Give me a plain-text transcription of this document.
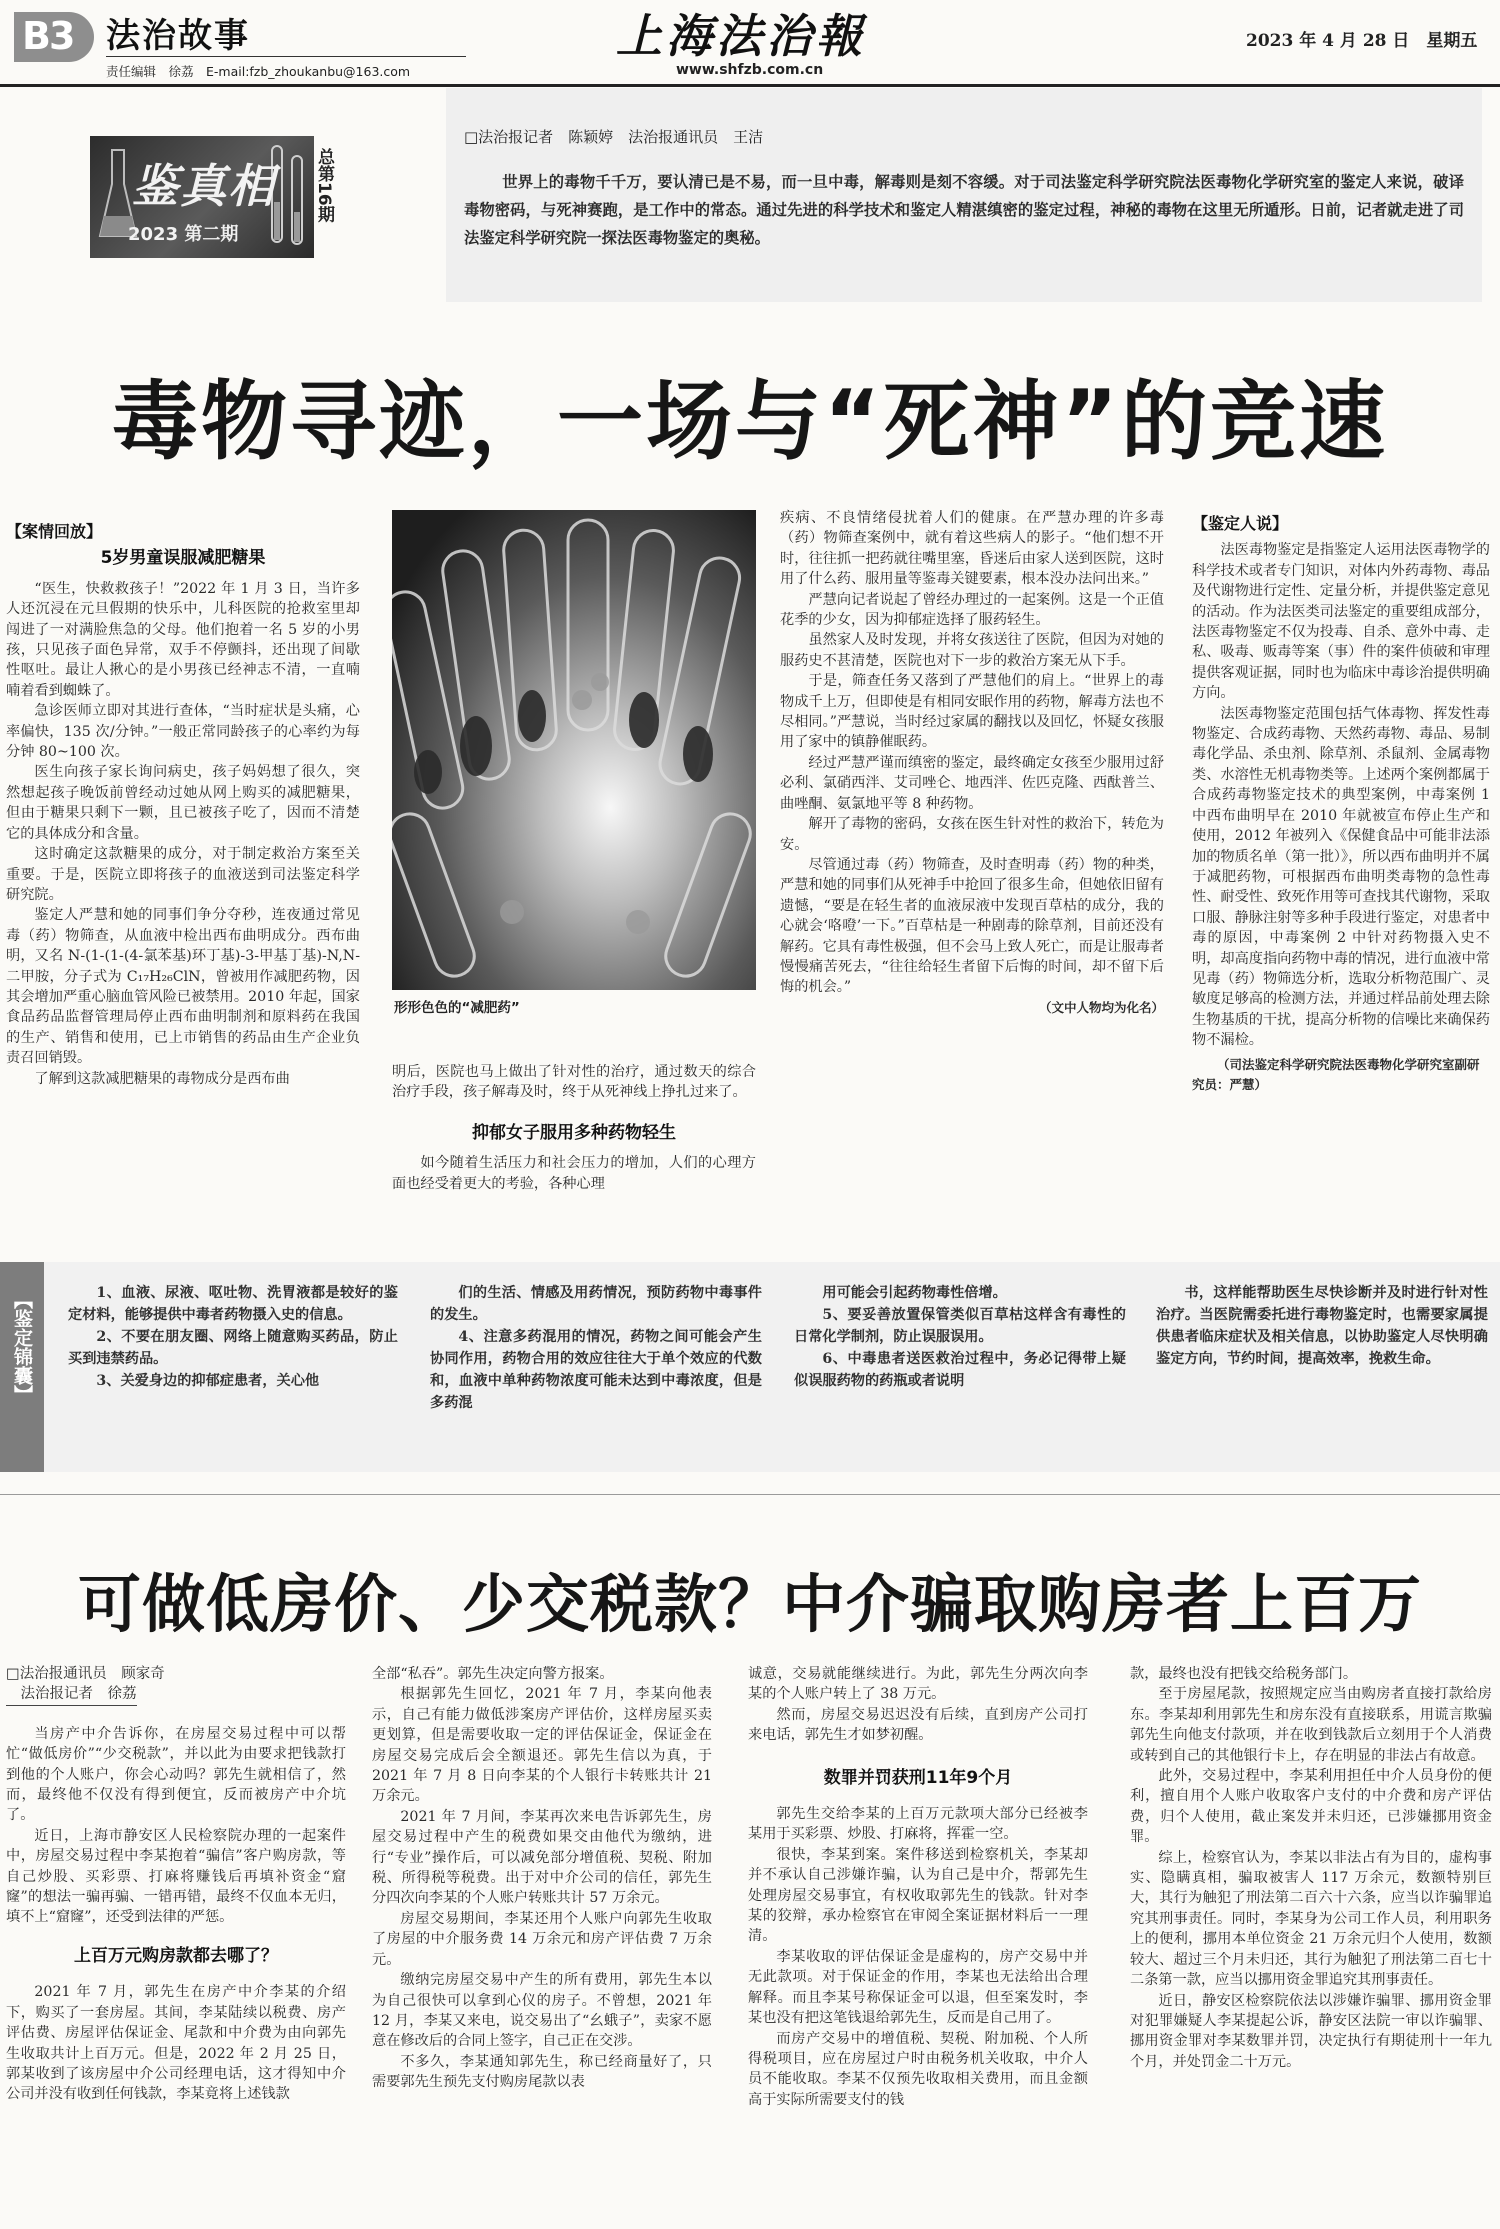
B3 法治故事
责任编辑　徐荔　E-mail:fzb_zhoukanbu@163.com
上海法治報
www.shfzb.com.cn
2023 年 4 月 28 日　星期五
鉴真相
2023 第二期
总第16期
□法治报记者　陈颖婷　法治报通讯员　王洁
世界上的毒物千千万，要认清已是不易，而一旦中毒，解毒则是刻不容缓。对于司法鉴定科学研究院法医毒物化学研究室的鉴定人来说，破译毒物密码，与死神赛跑，是工作中的常态。通过先进的科学技术和鉴定人精湛缜密的鉴定过程，神秘的毒物在这里无所遁形。日前，记者就走进了司法鉴定科学研究院一探法医毒物鉴定的奥秘。
毒物寻迹，一场与“死神”的竞速
【案情回放】
5岁男童误服减肥糖果

“医生，快救救孩子！”2022 年 1 月 3 日，当许多人还沉浸在元旦假期的快乐中，儿科医院的抢救室里却闯进了一对满脸焦急的父母。他们抱着一名 5 岁的小男孩，只见孩子面色异常，双手不停颤抖，还出现了间歇性呕吐。最让人揪心的是小男孩已经神志不清，一直喃喃着看到蜘蛛了。

急诊医师立即对其进行查体，“当时症状是头痛，心率偏快，135 次/分钟。”一般正常同龄孩子的心率约为每分钟 80~100 次。

医生向孩子家长询问病史，孩子妈妈想了很久，突然想起孩子晚饭前曾经动过她从网上购买的减肥糖果，但由于糖果只剩下一颗，且已被孩子吃了，因而不清楚它的具体成分和含量。

这时确定这款糖果的成分，对于制定救治方案至关重要。于是，医院立即将孩子的血液送到司法鉴定科学研究院。

鉴定人严慧和她的同事们争分夺秒，连夜通过常见毒（药）物筛查，从血液中检出西布曲明成分。西布曲明，又名 N-(1-(1-(4-氯苯基)环丁基)-3-甲基丁基)-N,N-二甲胺，分子式为 C₁₇H₂₆ClN，曾被用作减肥药物，因其会增加严重心脑血管风险已被禁用。2010 年起，国家食品药品监督管理局停止西布曲明制剂和原料药在我国的生产、销售和使用，已上市销售的药品由生产企业负责召回销毁。

了解到这款减肥糖果的毒物成分是西布曲

形形色色的“减肥药”

明后，医院也马上做出了针对性的治疗，通过数天的综合治疗手段，孩子解毒及时，终于从死神线上挣扎过来了。

抑郁女子服用多种药物轻生

如今随着生活压力和社会压力的增加，人们的心理方面也经受着更大的考验，各种心理

疾病、不良情绪侵扰着人们的健康。在严慧办理的许多毒（药）物筛查案例中，就有着这些病人的影子。“他们想不开时，往往抓一把药就往嘴里塞，昏迷后由家人送到医院，这时用了什么药、服用量等鉴毒关键要素，根本没办法问出来。”

严慧向记者说起了曾经办理过的一起案例。这是一个正值花季的少女，因为抑郁症选择了服药轻生。

虽然家人及时发现，并将女孩送往了医院，但因为对她的服药史不甚清楚，医院也对下一步的救治方案无从下手。

于是，筛查任务又落到了严慧他们的肩上。“世界上的毒物成千上万，但即使是有相同安眠作用的药物，解毒方法也不尽相同。”严慧说，当时经过家属的翻找以及回忆，怀疑女孩服用了家中的镇静催眠药。

经过严慧严谨而缜密的鉴定，最终确定女孩至少服用过舒必利、氯硝西泮、艾司唑仑、地西泮、佐匹克隆、西酞普兰、曲唑酮、氨氯地平等 8 种药物。

解开了毒物的密码，女孩在医生针对性的救治下，转危为安。

尽管通过毒（药）物筛查，及时查明毒（药）物的种类，严慧和她的同事们从死神手中抢回了很多生命，但她依旧留有遗憾，“要是在轻生者的血液尿液中发现百草枯的成分，我的心就会‘咯噔’一下。”百草枯是一种剧毒的除草剂，目前还没有解药。它具有毒性极强，但不会马上致人死亡，而是让服毒者慢慢痛苦死去，“往往给轻生者留下后悔的时间，却不留下后悔的机会。”

（文中人物均为化名）

【鉴定人说】

法医毒物鉴定是指鉴定人运用法医毒物学的科学技术或者专门知识，对体内外药毒物、毒品及代谢物进行定性、定量分析，并提供鉴定意见的活动。作为法医类司法鉴定的重要组成部分，法医毒物鉴定不仅为投毒、自杀、意外中毒、走私、吸毒、贩毒等案（事）件的案件侦破和审理提供客观证据，同时也为临床中毒诊治提供明确方向。

法医毒物鉴定范围包括气体毒物、挥发性毒物鉴定、合成药毒物、天然药毒物、毒品、易制毒化学品、杀虫剂、除草剂、杀鼠剂、金属毒物类、水溶性无机毒物类等。上述两个案例都属于合成药毒物鉴定技术的典型案例，中毒案例 1 中西布曲明早在 2010 年就被宣布停止生产和使用，2012 年被列入《保健食品中可能非法添加的物质名单（第一批）》，所以西布曲明并不属于减肥药物，可根据西布曲明类毒物的急性毒性、耐受性、致死作用等可查找其代谢物，采取口服、静脉注射等多种手段进行鉴定，对患者中毒的原因，中毒案例 2 中针对药物摄入史不明，却高度指向药物中毒的情况，进行血液中常见毒（药）物筛选分析，选取分析物范围广、灵敏度足够高的检测方法，并通过样品前处理去除生物基质的干扰，提高分析物的信噪比来确保药物不漏检。

（司法鉴定科学研究院法医毒物化学研究室副研究员：严慧）

【鉴定锦囊】	1、血液、尿液、呕吐物、洗胃液都是较好的鉴定材料，能够提供中毒者药物摄入史的信息。

2、不要在朋友圈、网络上随意购买药品，防止买到违禁药品。

3、关爱身边的抑郁症患者，关心他

们的生活、情感及用药情况，预防药物中毒事件的发生。

4、注意多药混用的情况，药物之间可能会产生协同作用，药物合用的效应往往大于单个效应的代数和，血液中单种药物浓度可能未达到中毒浓度，但是多药混

用可能会引起药物毒性倍增。

5、要妥善放置保管类似百草枯这样含有毒性的日常化学制剂，防止误服误用。

6、中毒患者送医救治过程中，务必记得带上疑似误服药物的药瓶或者说明

书，这样能帮助医生尽快诊断并及时进行针对性治疗。当医院需委托进行毒物鉴定时，也需要家属提供患者临床症状及相关信息，以协助鉴定人尽快明确鉴定方向，节约时间，提高效率，挽救生命。

可做低房价、少交税款？中介骗取购房者上百万

□法治报通讯员　顾家奇

　法治报记者　徐荔

当房产中介告诉你，在房屋交易过程中可以帮忙“做低房价”“少交税款”，并以此为由要求把钱款打到他的个人账户，你会心动吗？郭先生就相信了，然而，最终他不仅没有得到便宜，反而被房产中介坑了。

近日，上海市静安区人民检察院办理的一起案件中，房屋交易过程中李某抱着“骗信”客户购房款，等自己炒股、买彩票、打麻将赚钱后再填补资金“窟窿”的想法一骗再骗、一错再错，最终不仅血本无归，填不上“窟窿”，还受到法律的严惩。

上百万元购房款都去哪了？

2021 年 7 月，郭先生在房产中介李某的介绍下，购买了一套房屋。其间，李某陆续以税费、房产评估费、房屋评估保证金、尾款和中介费为由向郭先生收取共计上百万元。但是，2022 年 2 月 25 日，郭某收到了该房屋中介公司经理电话，这才得知中介公司并没有收到任何钱款，李某竟将上述钱款

全部“私吞”。郭先生决定向警方报案。

根据郭先生回忆，2021 年 7 月，李某向他表示，自己有能力做低涉案房产评估价，这样房屋买卖更划算，但是需要收取一定的评估保证金，保证金在房屋交易完成后会全额退还。郭先生信以为真，于 2021 年 7 月 8 日向李某的个人银行卡转账共计 21 万余元。

2021 年 7 月间，李某再次来电告诉郭先生，房屋交易过程中产生的税费如果交由他代为缴纳，进行“专业”操作后，可以减免部分增值税、契税、附加税、所得税等税费。出于对中介公司的信任，郭先生分四次向李某的个人账户转账共计 57 万余元。

房屋交易期间，李某还用个人账户向郭先生收取了房屋的中介服务费 14 万余元和房产评估费 7 万余元。

缴纳完房屋交易中产生的所有费用，郭先生本以为自己很快可以拿到心仪的房子。不曾想，2021 年 12 月，李某又来电，说交易出了“幺蛾子”，卖家不愿意在修改后的合同上签字，自己正在交涉。

不多久，李某通知郭先生，称已经商量好了，只需要郭先生预先支付购房尾款以表

诚意，交易就能继续进行。为此，郭先生分两次向李某的个人账户转上了 38 万元。

然而，房屋交易迟迟没有后续，直到房产公司打来电话，郭先生才如梦初醒。

数罪并罚获刑11年9个月

郭先生交给李某的上百万元款项大部分已经被李某用于买彩票、炒股、打麻将，挥霍一空。

很快，李某到案。案件移送到检察机关，李某却并不承认自己涉嫌诈骗，认为自己是中介，帮郭先生处理房屋交易事宜，有权收取郭先生的钱款。针对李某的狡辩，承办检察官在审阅全案证据材料后一一理清。

李某收取的评估保证金是虚构的，房产交易中并无此款项。对于保证金的作用，李某也无法给出合理解释。而且李某号称保证金可以退，但至案发时，李某也没有把这笔钱退给郭先生，反而是自己用了。

而房产交易中的增值税、契税、附加税、个人所得税项目，应在房屋过户时由税务机关收取，中介人员不能收取。李某不仅预先收取相关费用，而且金额高于实际所需要支付的钱

款，最终也没有把钱交给税务部门。

至于房屋尾款，按照规定应当由购房者直接打款给房东。李某却利用郭先生和房东没有直接联系，用谎言欺骗郭先生向他支付款项，并在收到钱款后立刻用于个人消费或转到自己的其他银行卡上，存在明显的非法占有故意。

此外，交易过程中，李某利用担任中介人员身份的便利，擅自用个人账户收取客户支付的中介费和房产评估费，归个人使用，截止案发并未归还，已涉嫌挪用资金罪。

综上，检察官认为，李某以非法占有为目的，虚构事实、隐瞒真相，骗取被害人 117 万余元，数额特别巨大，其行为触犯了刑法第二百六十六条，应当以诈骗罪追究其刑事责任。同时，李某身为公司工作人员，利用职务上的便利，挪用本单位资金 21 万余元归个人使用，数额较大、超过三个月未归还，其行为触犯了刑法第二百七十二条第一款，应当以挪用资金罪追究其刑事责任。

近日，静安区检察院依法以涉嫌诈骗罪、挪用资金罪对犯罪嫌疑人李某提起公诉，静安区法院一审以诈骗罪、挪用资金罪对李某数罪并罚，决定执行有期徒刑十一年九个月，并处罚金二十万元。
